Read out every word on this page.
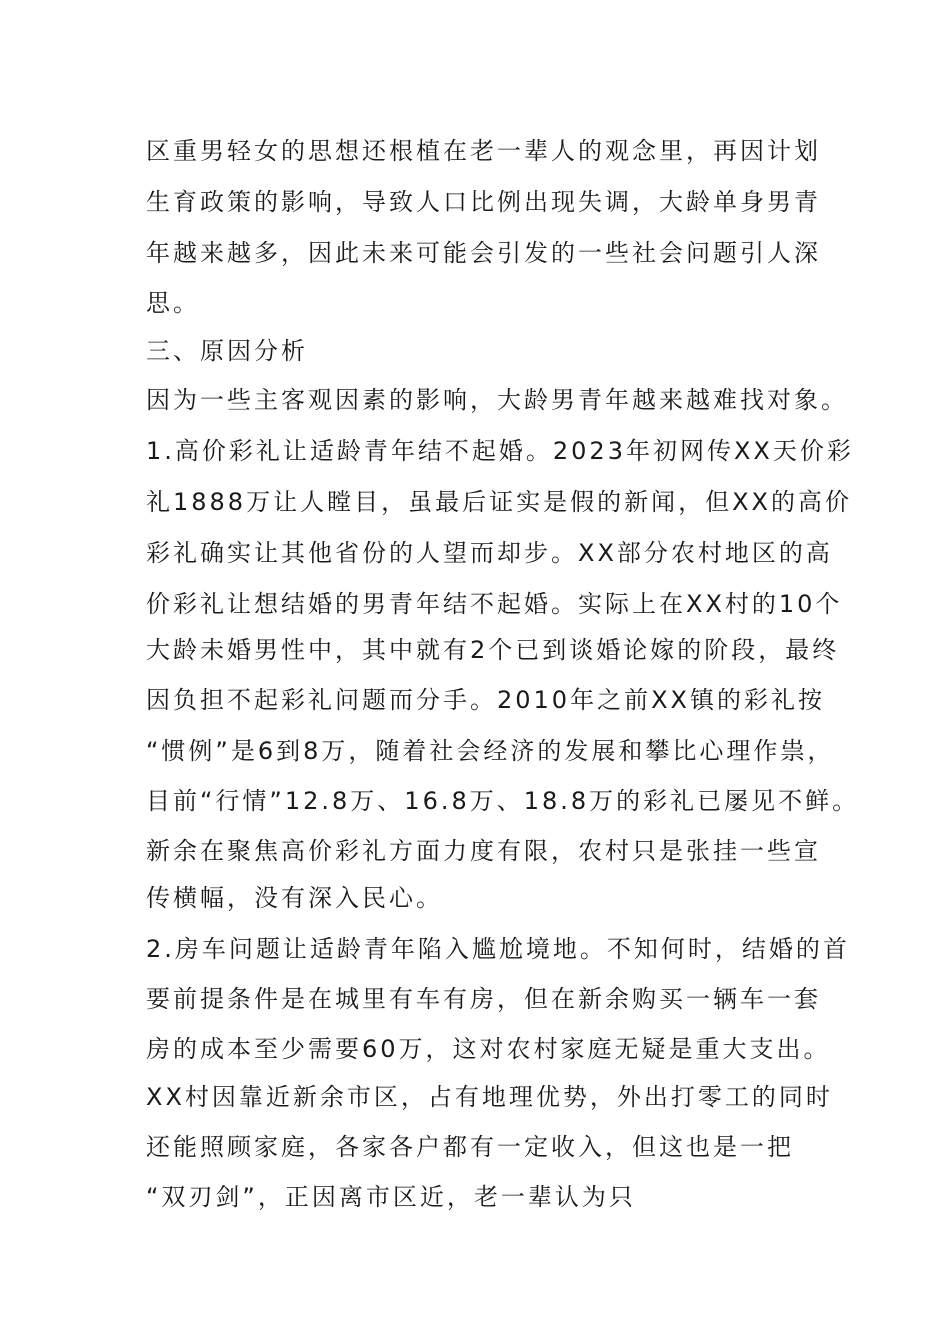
区重男轻女的思想还根植在老一辈人的观念里，再因计划
生育政策的影响，导致人口比例出现失调，大龄单身男青
年越来越多，因此未来可能会引发的一些社会问题引人深
思。
三、原因分析
因为一些主客观因素的影响，大龄男青年越来越难找对象。
1.高价彩礼让适龄青年结不起婚。2023年初网传XX天价彩
礼1888万让人瞠目，虽最后证实是假的新闻，但XX的高价
彩礼确实让其他省份的人望而却步。XX部分农村地区的高
价彩礼让想结婚的男青年结不起婚。实际上在XX村的10个
大龄未婚男性中，其中就有2个已到谈婚论嫁的阶段，最终
因负担不起彩礼问题而分手。2010年之前XX镇的彩礼按
“惯例”是6到8万，随着社会经济的发展和攀比心理作祟，
目前“行情”12.8万、16.8万、18.8万的彩礼已屡见不鲜。
新余在聚焦高价彩礼方面力度有限，农村只是张挂一些宣
传横幅，没有深入民心。
2.房车问题让适龄青年陷入尴尬境地。不知何时，结婚的首
要前提条件是在城里有车有房，但在新余购买一辆车一套
房的成本至少需要60万，这对农村家庭无疑是重大支出。
XX村因靠近新余市区，占有地理优势，外出打零工的同时
还能照顾家庭，各家各户都有一定收入，但这也是一把
“双刃剑”，正因离市区近，老一辈认为只
